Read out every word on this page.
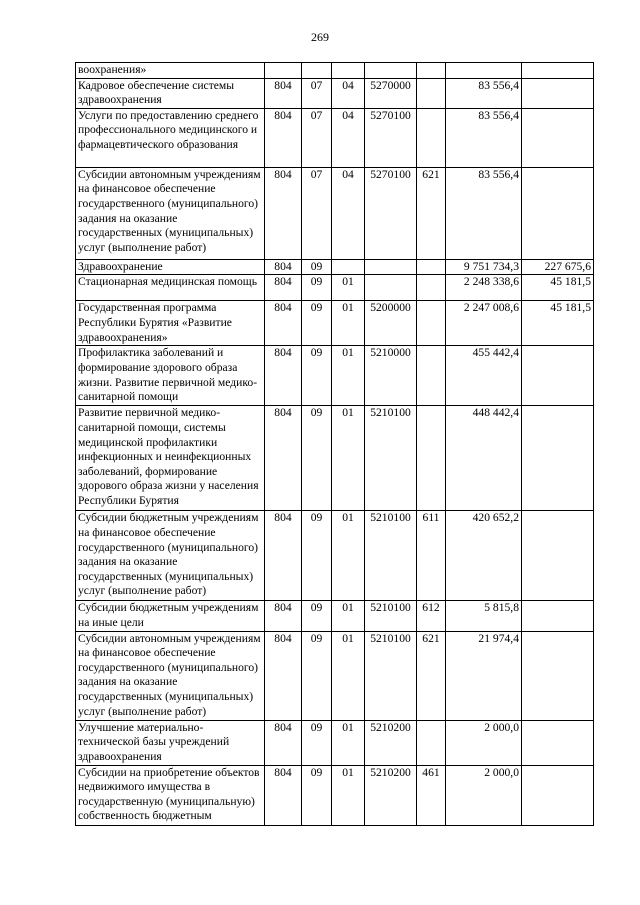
269
воохранения»							
Кадровое обеспечение системы здравоохранения	804	07	04	5270000		83 556,4	
Услуги по предоставлению среднего профессионального медицинского и фармацевтического образования	804	07	04	5270100		83 556,4	
Субсидии автономным учреждениям на финансовое обеспечение государственного (муниципального) задания на оказание государственных (муниципальных) услуг (выполнение работ)	804	07	04	5270100	621	83 556,4	
Здравоохранение	804	09				9 751 734,3	227 675,6
Стационарная медицинская помощь	804	09	01			2 248 338,6	45 181,5
Государственная программа Республики Бурятия «Развитие здравоохранения»	804	09	01	5200000		2 247 008,6	45 181,5
Профилактика заболеваний и формирование здорового образа жизни. Развитие первичной медико-санитарной помощи	804	09	01	5210000		455 442,4	
Развитие первичной медико-санитарной помощи, системы медицинской профилактики инфекционных и неинфекционных заболеваний, формирование здорового образа жизни у населения Республики Бурятия	804	09	01	5210100		448 442,4	
Субсидии бюджетным учреждениям на финансовое обеспечение государственного (муниципального) задания на оказание государственных (муниципальных) услуг (выполнение работ)	804	09	01	5210100	611	420 652,2	
Субсидии бюджетным учреждениям на иные цели	804	09	01	5210100	612	5 815,8	
Субсидии автономным учреждениям на финансовое обеспечение государственного (муниципального) задания на оказание государственных (муниципальных) услуг (выполнение работ)	804	09	01	5210100	621	21 974,4	
Улучшение материально-технической базы учреждений здравоохранения	804	09	01	5210200		2 000,0	
Субсидии на приобретение объектов недвижимого имущества в государственную (муниципальную) собственность бюджетным	804	09	01	5210200	461	2 000,0	
